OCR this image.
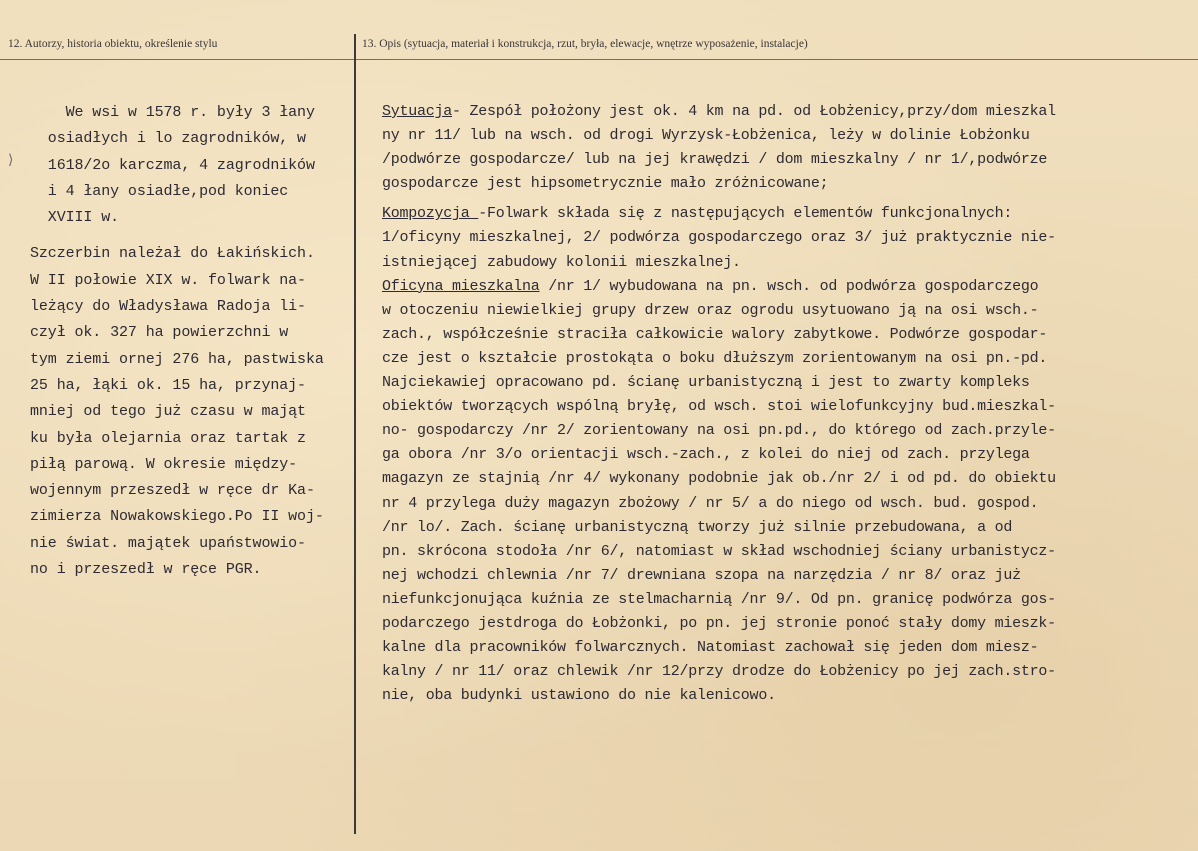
12. Autorzy, historia obiektu, określenie stylu	13. Opis (sytuacja, materiał i konstrukcja, rzut, bryła, elewacje, wnętrze wyposażenie, instalacje)
⟩

We wsi w 1578 r. były 3 łany
osiadłych i lo zagrodników, w
1618/2o karczma, 4 zagrodników
i 4 łany osiadłe,pod koniec
XVIII w.

Szczerbin należał do Łakińskich.
W II połowie XIX w. folwark na-
leżący do Władysława Radoja li-
czył ok. 327 ha powierzchni w
tym ziemi ornej 276 ha, pastwiska
25 ha, łąki ok. 15 ha, przynaj-
mniej od tego już czasu w mająt
ku była olejarnia oraz tartak z
piłą parową. W okresie między-
wojennym przeszedł w ręce dr Ka-
zimierza Nowakowskiego.Po II woj-
nie świat. majątek upaństwowio-
no i przeszedł w ręce PGR.

Sytuacja- Zespół położony jest ok. 4 km na pd. od Łobżenicy,przy/dom mieszkal
ny nr 11/ lub na wsch. od drogi Wyrzysk-Łobżenica, leży w dolinie Łobżonku
/podwórze gospodarcze/ lub na jej krawędzi / dom mieszkalny / nr 1/,podwórze
gospodarcze jest hipsometrycznie mało zróżnicowane;

Kompozycja -Folwark składa się z następujących elementów funkcjonalnych:
1/oficyny mieszkalnej, 2/ podwórza gospodarczego oraz 3/ już praktycznie nie-
istniejącej zabudowy kolonii mieszkalnej.

Oficyna mieszkalna /nr 1/ wybudowana na pn. wsch. od podwórza gospodarczego
w otoczeniu niewielkiej grupy drzew oraz ogrodu usytuowano ją na osi wsch.-
zach., współcześnie straciła całkowicie walory zabytkowe. Podwórze gospodar-
cze jest o kształcie prostokąta o boku dłuższym zorientowanym na osi pn.-pd.
Najciekawiej opracowano pd. ścianę urbanistyczną i jest to zwarty kompleks
obiektów tworzących wspólną bryłę, od wsch. stoi wielofunkcyjny bud.mieszkal-
no- gospodarczy /nr 2/ zorientowany na osi pn.pd., do którego od zach.przyle-
ga obora /nr 3/o orientacji wsch.-zach., z kolei do niej od zach. przylega
magazyn ze stajnią /nr 4/ wykonany podobnie jak ob./nr 2/ i od pd. do obiektu
nr 4 przylega duży magazyn zbożowy / nr 5/ a do niego od wsch. bud. gospod.
/nr lo/. Zach. ścianę urbanistyczną tworzy już silnie przebudowana, a od
pn. skrócona stodoła /nr 6/, natomiast w skład wschodniej ściany urbanistycz-
nej wchodzi chlewnia /nr 7/ drewniana szopa na narzędzia / nr 8/ oraz już
niefunkcjonująca kuźnia ze stelmacharnią /nr 9/. Od pn. granicę podwórza gos-
podarczego jestdroga do Łobżonki, po pn. jej stronie ponoć stały domy mieszk-
kalne dla pracowników folwarcznych. Natomiast zachował się jeden dom miesz-
kalny / nr 11/ oraz chlewik /nr 12/przy drodze do Łobżenicy po jej zach.stro-
nie, oba budynki ustawiono do nie kalenicowo.
